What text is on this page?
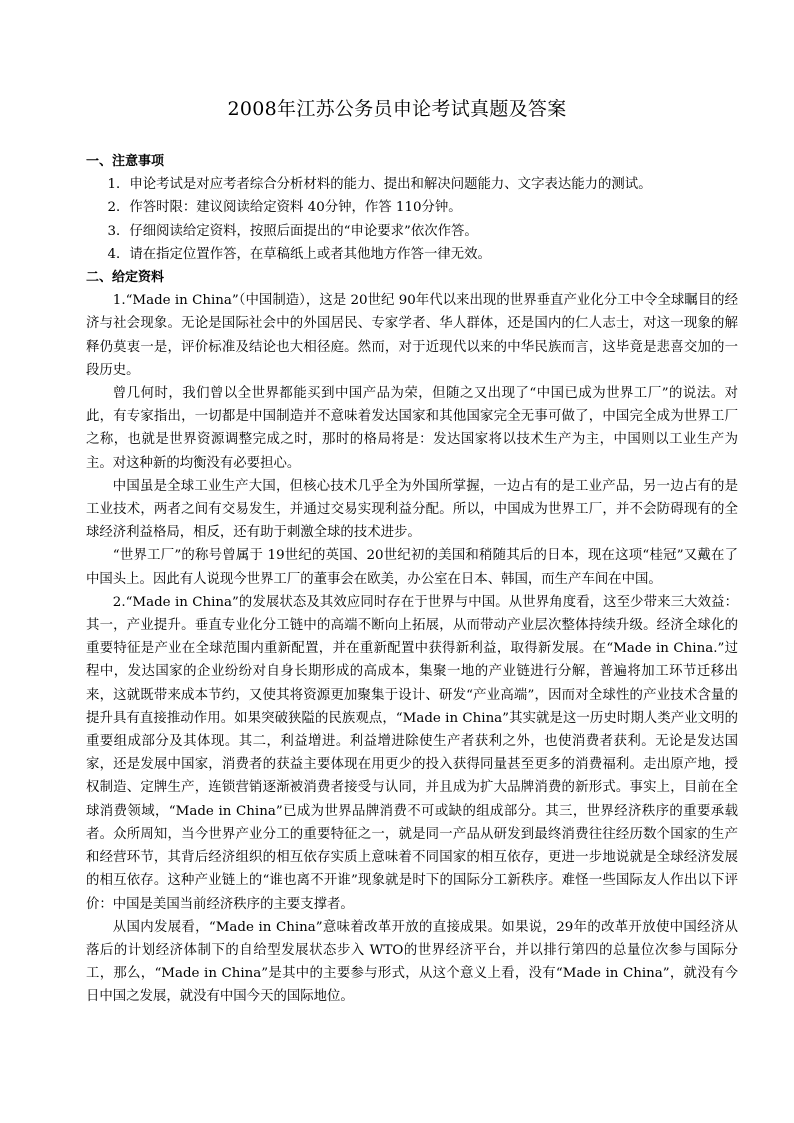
2008年江苏公务员申论考试真题及答案

一、注意事项

1．申论考试是对应考者综合分析材料的能力、提出和解决问题能力、文字表达能力的测试。

2．作答时限：建议阅读给定资料 40分钟，作答 110分钟。

3．仔细阅读给定资料，按照后面提出的“申论要求”依次作答。

4．请在指定位置作答，在草稿纸上或者其他地方作答一律无效。

二、给定资料

1.“Made in China”（中国制造），这是 20世纪 90年代以来出现的世界垂直产业化分工中令全球瞩目的经济与社会现象。无论是国际社会中的外国居民、专家学者、华人群体，还是国内的仁人志士，对这一现象的解释仍莫衷一是，评价标准及结论也大相径庭。然而，对于近现代以来的中华民族而言，这毕竟是悲喜交加的一段历史。

曾几何时，我们曾以全世界都能买到中国产品为荣，但随之又出现了“中国已成为世界工厂”的说法。对此，有专家指出，一切都是中国制造并不意味着发达国家和其他国家完全无事可做了，中国完全成为世界工厂之称，也就是世界资源调整完成之时，那时的格局将是：发达国家将以技术生产为主，中国则以工业生产为主。对这种新的均衡没有必要担心。

中国虽是全球工业生产大国，但核心技术几乎全为外国所掌握，一边占有的是工业产品，另一边占有的是工业技术，两者之间有交易发生，并通过交易实现利益分配。所以，中国成为世界工厂，并不会防碍现有的全球经济利益格局，相反，还有助于刺激全球的技术进步。

“世界工厂”的称号曾属于 19世纪的英国、20世纪初的美国和稍随其后的日本，现在这项“桂冠”又戴在了中国头上。因此有人说现今世界工厂的董事会在欧美，办公室在日本、韩国，而生产车间在中国。

2.“Made in China”的发展状态及其效应同时存在于世界与中国。从世界角度看，这至少带来三大效益：其一，产业提升。垂直专业化分工链中的高端不断向上拓展，从而带动产业层次整体持续升级。经济全球化的重要特征是产业在全球范围内重新配置，并在重新配置中获得新利益，取得新发展。在“Made in China.”过程中，发达国家的企业纷纷对自身长期形成的高成本，集聚一地的产业链进行分解，普遍将加工环节迁移出来，这就既带来成本节约，又使其将资源更加聚集于设计、研发“产业高端”，因而对全球性的产业技术含量的提升具有直接推动作用。如果突破狭隘的民族观点，“Made in China”其实就是这一历史时期人类产业文明的重要组成部分及其体现。其二，利益增进。利益增进除使生产者获利之外，也使消费者获利。无论是发达国家，还是发展中国家，消费者的获益主要体现在用更少的投入获得同量甚至更多的消费福利。走出原产地，授权制造、定牌生产，连锁营销逐渐被消费者接受与认同，并且成为扩大品牌消费的新形式。事实上，目前在全球消费领域，“Made in China”已成为世界品牌消费不可或缺的组成部分。其三，世界经济秩序的重要承载者。众所周知，当今世界产业分工的重要特征之一，就是同一产品从研发到最终消费往往经历数个国家的生产和经营环节，其背后经济组织的相互依存实质上意味着不同国家的相互依存，更进一步地说就是全球经济发展的相互依存。这种产业链上的“谁也离不开谁”现象就是时下的国际分工新秩序。难怪一些国际友人作出以下评价：中国是美国当前经济秩序的主要支撑者。

从国内发展看，“Made in China”意味着改革开放的直接成果。如果说，29年的改革开放使中国经济从落后的计划经济体制下的自给型发展状态步入 WTO的世界经济平台，并以排行第四的总量位次参与国际分工，那么，“Made in China”是其中的主要参与形式，从这个意义上看，没有“Made in China”，就没有今日中国之发展，就没有中国今天的国际地位。
